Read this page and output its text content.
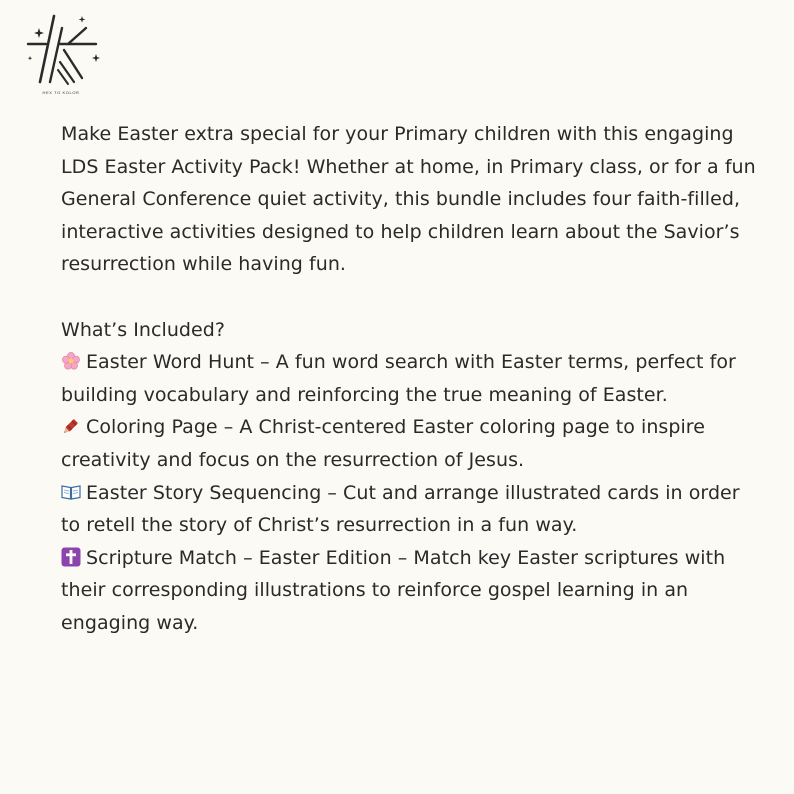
HEX TO KOLOR

Make Easter extra special for your Primary children with this engaging LDS Easter Activity Pack! Whether at home, in Primary class, or for a fun General Conference quiet activity, this bundle includes four faith-filled, interactive activities designed to help children learn about the Savior’s resurrection while having fun.

What’s Included?

Easter Word Hunt – A fun word search with Easter terms, perfect for building vocabulary and reinforcing the true meaning of Easter.

Coloring Page – A Christ-centered Easter coloring page to inspire creativity and focus on the resurrection of Jesus.

Easter Story Sequencing – Cut and arrange illustrated cards in order to retell the story of Christ’s resurrection in a fun way.

Scripture Match – Easter Edition – Match key Easter scriptures with their corresponding illustrations to reinforce gospel learning in an engaging way.
